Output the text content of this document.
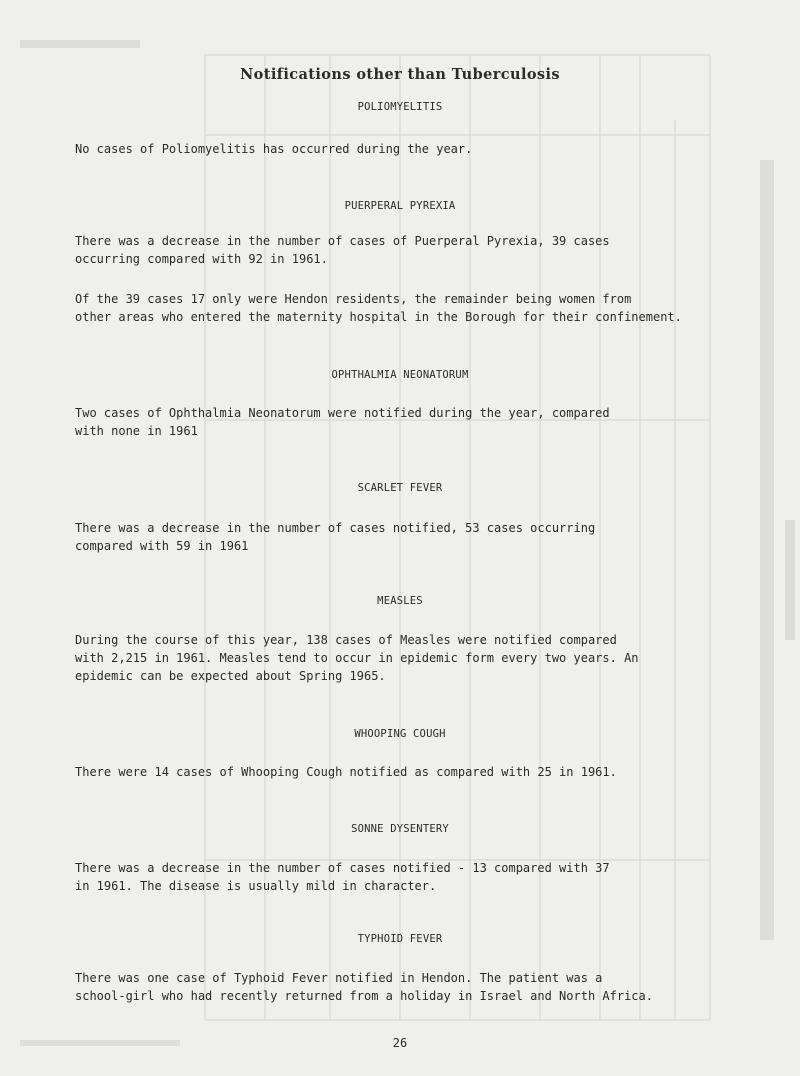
Notifications other than Tuberculosis
POLIOMYELITIS
No cases of Poliomyelitis has occurred during the year.
PUERPERAL PYREXIA
There was a decrease in the number of cases of Puerperal Pyrexia, 39 cases
occurring compared with 92 in 1961.
Of the 39 cases 17 only were Hendon residents, the remainder being women from
other areas who entered the maternity hospital in the Borough for their confinement.
OPHTHALMIA NEONATORUM
Two cases of Ophthalmia Neonatorum were notified during the year, compared
with none in 1961
SCARLET FEVER
There was a decrease in the number of cases notified, 53 cases occurring
compared with 59 in 1961
MEASLES
During the course of this year, 138 cases of Measles were notified compared
with 2,215 in 1961. Measles tend to occur in epidemic form every two years. An
epidemic can be expected about Spring 1965.
WHOOPING COUGH
There were 14 cases of Whooping Cough notified as compared with 25 in 1961.
SONNE DYSENTERY
There was a decrease in the number of cases notified - 13 compared with 37
in 1961. The disease is usually mild in character.
TYPHOID FEVER
There was one case of Typhoid Fever notified in Hendon. The patient was a
school-girl who had recently returned from a holiday in Israel and North Africa.
26
